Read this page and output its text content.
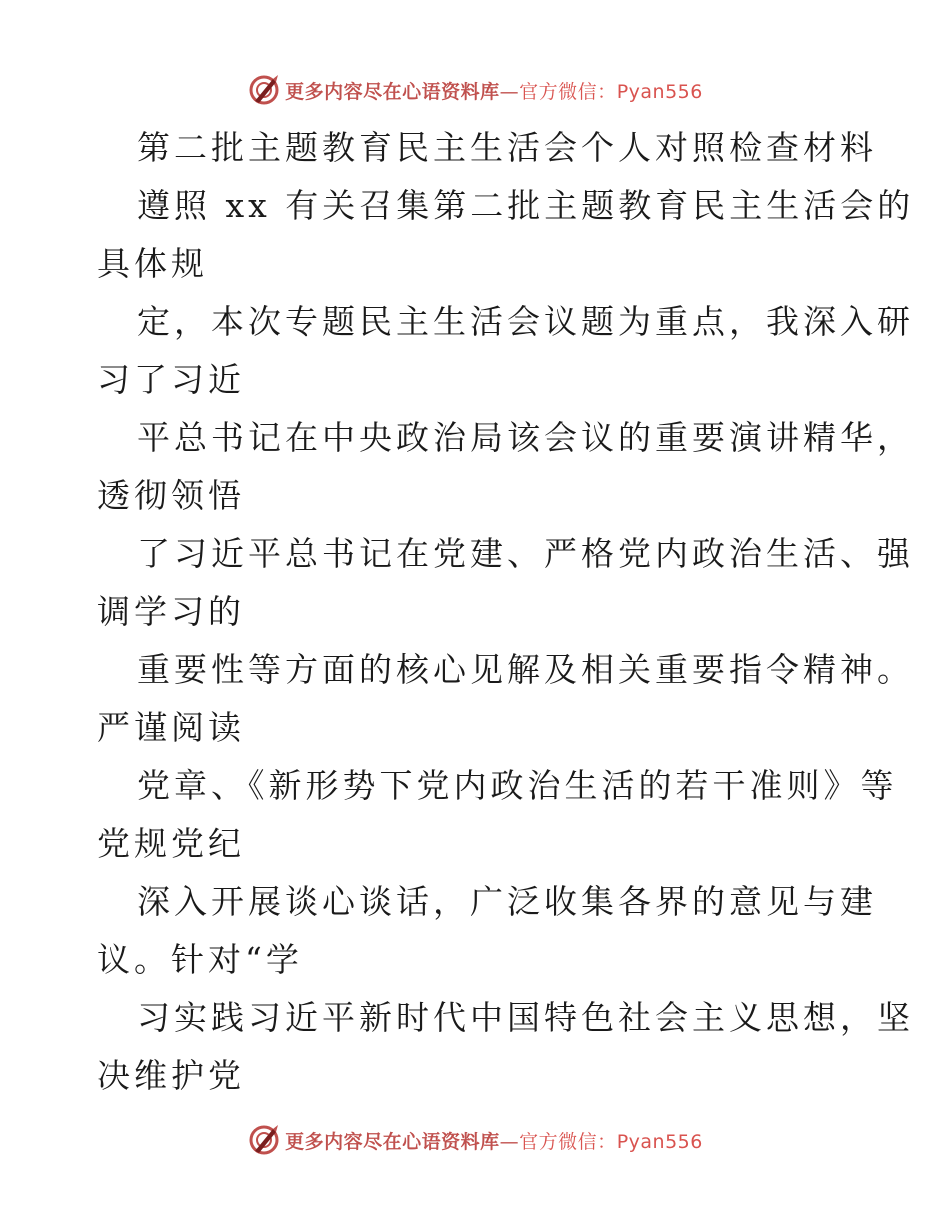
更多内容尽在心语资料库—官方微信：Pyan556
第二批主题教育民主生活会个人对照检查材料
遵照 xx 有关召集第二批主题教育民主生活会的
具体规
定，本次专题民主生活会议题为重点，我深入研
习了习近
平总书记在中央政治局该会议的重要演讲精华，
透彻领悟
了习近平总书记在党建、严格党内政治生活、强
调学习的
重要性等方面的核心见解及相关重要指令精神。
严谨阅读
党章、《新形势下党内政治生活的若干准则》等
党规党纪
深入开展谈心谈话，广泛收集各界的意见与建
议。针对“学
习实践习近平新时代中国特色社会主义思想，坚
决维护党
更多内容尽在心语资料库—官方微信：Pyan556
